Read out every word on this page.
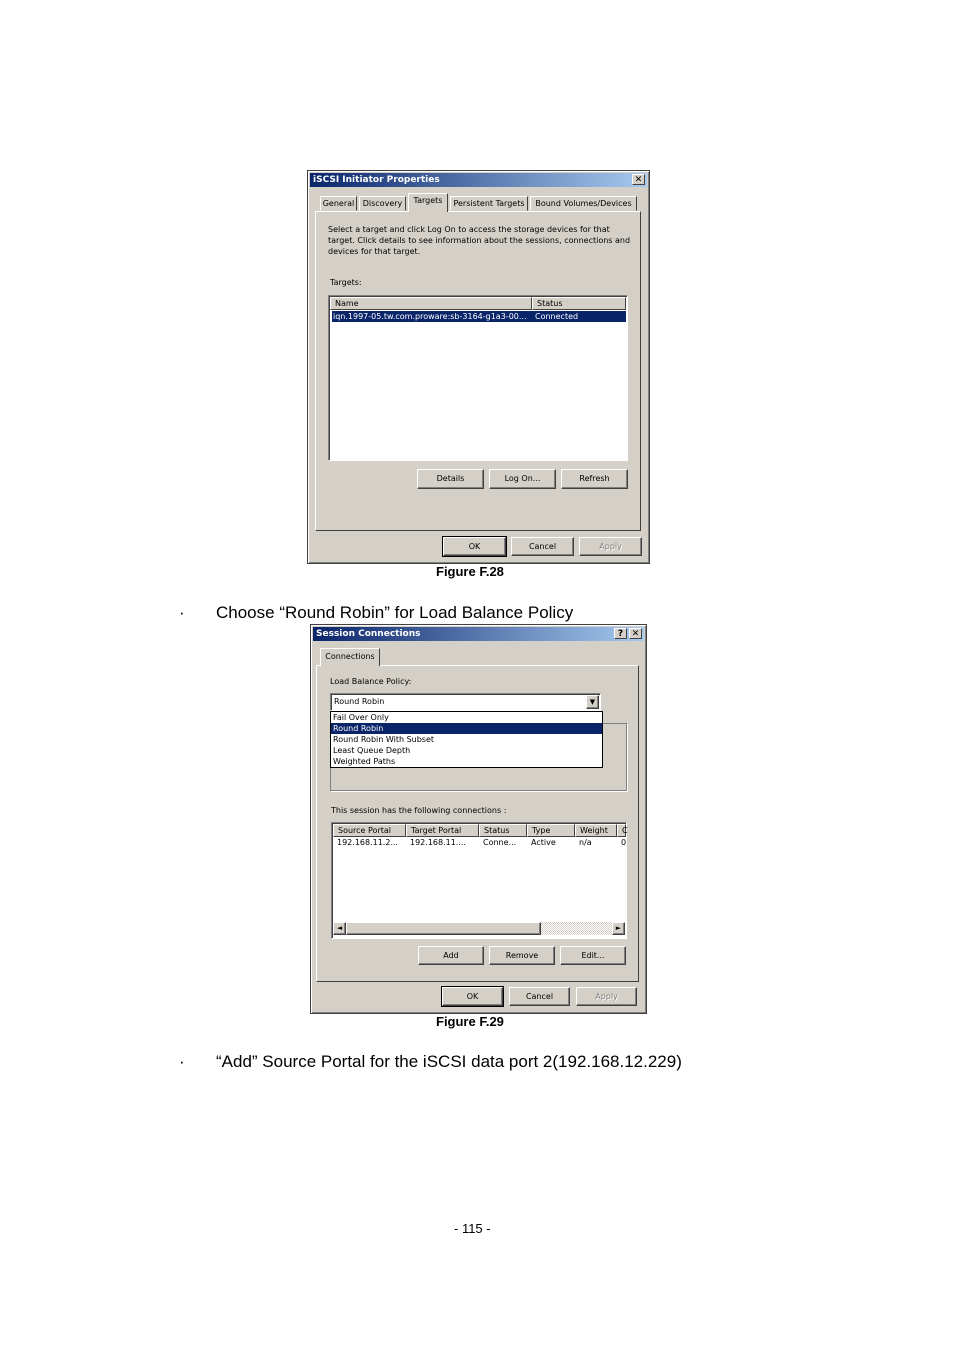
iSCSI Initiator Properties	✕
General	Discovery	Targets	Persistent Targets	Bound Volumes/Devices
Select a target and click Log On to access the storage devices for that target. Click details to see information about the sessions, connections and devices for that target.
Targets:
Name	Status
iqn.1997-05.tw.com.proware:sb-3164-g1a3-00... Connected
Details	Log On...	Refresh
OK	Cancel	Apply
Figure F.28
· Choose “Round Robin” for Load Balance Policy
Session Connections	? ✕
Connections
Load Balance Policy:
Round Robin	▼
Fail Over Only
Round Robin
Round Robin With Subset
Least Queue Depth
Weighted Paths
This session has the following connections :
Source Portal	Target Portal	Status	Type	Weight	C
192.168.11.2...	192.168.11....	Conne...	Active	n/a	0
◄	►
Add	Remove	Edit...
OK	Cancel	Apply
Figure F.29
· “Add” Source Portal for the iSCSI data port 2(192.168.12.229)
- 115 -
